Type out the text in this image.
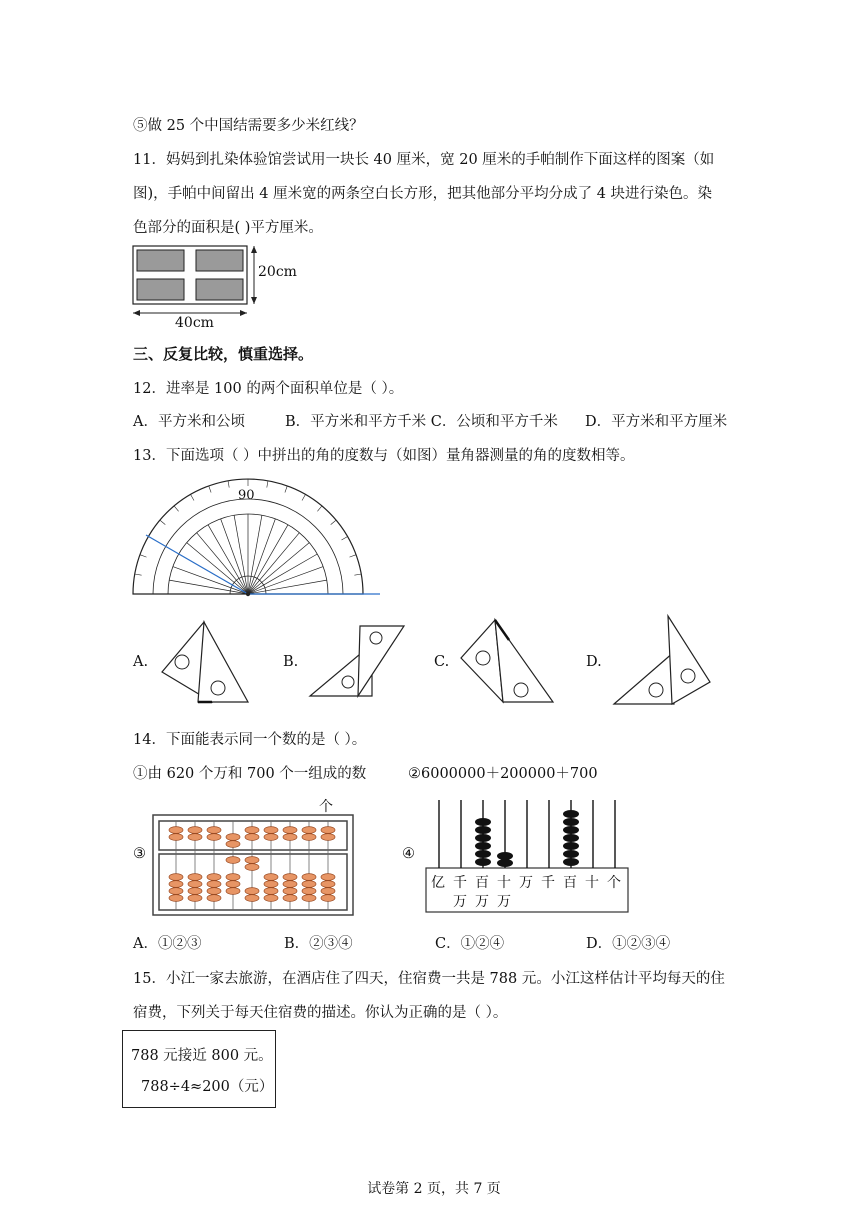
⑤做 25 个中国结需要多少米红线？
11．妈妈到扎染体验馆尝试用一块长 40 厘米，宽 20 厘米的手帕制作下面这样的图案（如
图)，手帕中间留出 4 厘米宽的两条空白长方形，把其他部分平均分成了 4 块进行染色。染
色部分的面积是( )平方厘米。
20cm
40cm
三、反复比较，慎重选择。
12．进率是 100 的两个面积单位是（ ）。
A．平方米和公顷	B．平方米和平方千米 C．公顷和平方千米 D．平方米和平方厘米
13．下面选项（ ）中拼出的角的度数与（如图）量角器测量的角的度数相等。
90
A.	B.	C.	D.
14．下面能表示同一个数的是（ ）。
①由 620 个万和 700 个一组成的数	②6000000＋200000＋700
③
个
④
亿 千 百 十 万 千 百 十 个
万 万 万
A．①②③	B．②③④	C．①②④	D．①②③④
15．小江一家去旅游，在酒店住了四天，住宿费一共是 788 元。小江这样估计平均每天的住
宿费，下列关于每天住宿费的描述。你认为正确的是（ ）。
788 元接近 800 元。
788÷4≈200（元）
试卷第 2 页，共 7 页
